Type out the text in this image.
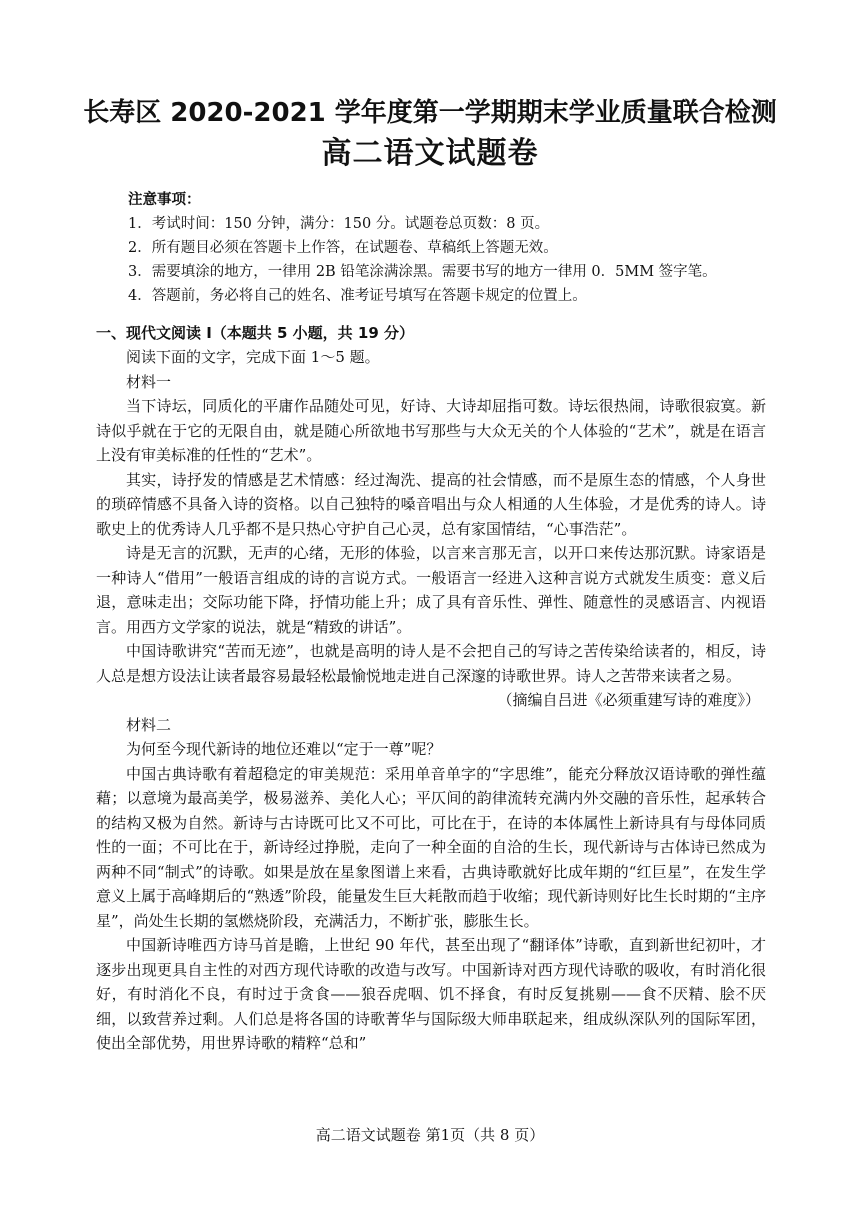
长寿区 2020-2021 学年度第一学期期末学业质量联合检测
高二语文试题卷
注意事项：
1．考试时间：150 分钟，满分：150 分。试题卷总页数：8 页。
2．所有题目必须在答题卡上作答，在试题卷、草稿纸上答题无效。
3．需要填涂的地方，一律用 2B 铅笔涂满涂黑。需要书写的地方一律用 0．5MM 签字笔。
4．答题前，务必将自己的姓名、准考证号填写在答题卡规定的位置上。
一、现代文阅读 I（本题共 5 小题，共 19 分）

阅读下面的文字，完成下面 1～5 题。

材料一

当下诗坛，同质化的平庸作品随处可见，好诗、大诗却屈指可数。诗坛很热闹，诗歌很寂寞。新诗似乎就在于它的无限自由，就是随心所欲地书写那些与大众无关的个人体验的“艺术”，就是在语言上没有审美标准的任性的“艺术”。

其实，诗抒发的情感是艺术情感：经过淘洗、提高的社会情感，而不是原生态的情感，个人身世的琐碎情感不具备入诗的资格。以自己独特的嗓音唱出与众人相通的人生体验，才是优秀的诗人。诗歌史上的优秀诗人几乎都不是只热心守护自己心灵，总有家国情结，“心事浩茫”。

诗是无言的沉默，无声的心绪，无形的体验，以言来言那无言，以开口来传达那沉默。诗家语是一种诗人“借用”一般语言组成的诗的言说方式。一般语言一经进入这种言说方式就发生质变：意义后退，意味走出；交际功能下降，抒情功能上升；成了具有音乐性、弹性、随意性的灵感语言、内视语言。用西方文学家的说法，就是“精致的讲话”。

中国诗歌讲究“苦而无迹”，也就是高明的诗人是不会把自己的写诗之苦传染给读者的，相反，诗人总是想方设法让读者最容易最轻松最愉悦地走进自己深邃的诗歌世界。诗人之苦带来读者之易。

（摘编自吕进《必须重建写诗的难度》）

材料二

为何至今现代新诗的地位还难以“定于一尊”呢？

中国古典诗歌有着超稳定的审美规范：采用单音单字的“字思维”，能充分释放汉语诗歌的弹性蕴藉；以意境为最高美学，极易滋养、美化人心；平仄间的韵律流转充满内外交融的音乐性，起承转合的结构又极为自然。新诗与古诗既可比又不可比，可比在于，在诗的本体属性上新诗具有与母体同质性的一面；不可比在于，新诗经过挣脱，走向了一种全面的自洽的生长，现代新诗与古体诗已然成为两种不同“制式”的诗歌。如果是放在星象图谱上来看，古典诗歌就好比成年期的“红巨星”，在发生学意义上属于高峰期后的“熟透”阶段，能量发生巨大耗散而趋于收缩；现代新诗则好比生长时期的“主序星”，尚处生长期的氢燃烧阶段，充满活力，不断扩张，膨胀生长。

中国新诗唯西方诗马首是瞻，上世纪 90 年代，甚至出现了“翻译体”诗歌，直到新世纪初叶，才逐步出现更具自主性的对西方现代诗歌的改造与改写。中国新诗对西方现代诗歌的吸收，有时消化很好，有时消化不良，有时过于贪食——狼吞虎咽、饥不择食，有时反复挑剔——食不厌精、脍不厌细，以致营养过剩。人们总是将各国的诗歌菁华与国际级大师串联起来，组成纵深队列的国际军团，使出全部优势，用世界诗歌的精粹“总和”

高二语文试题卷 第1页（共 8 页）
